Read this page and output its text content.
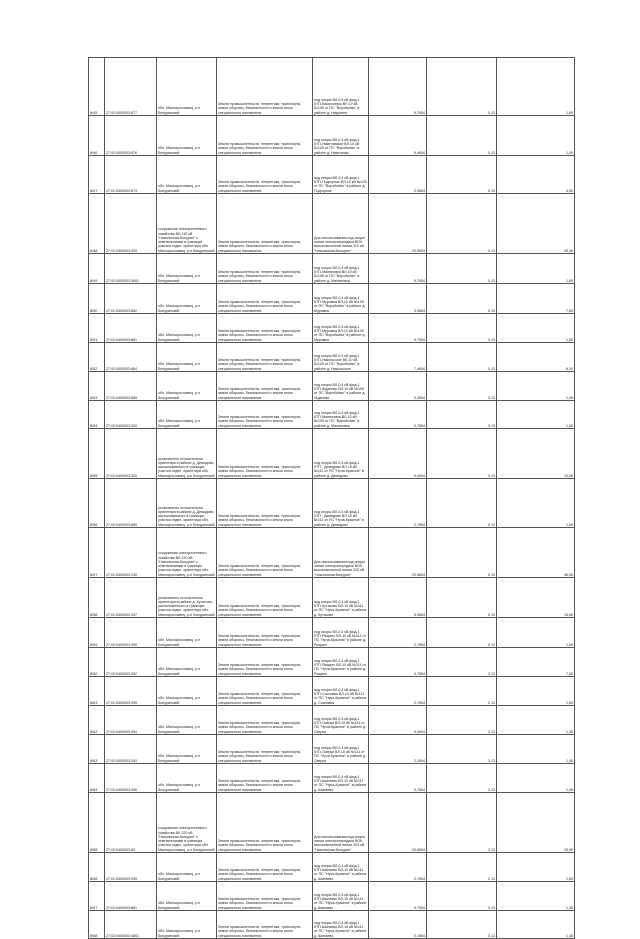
8/45	27:02:0405003:877	обл. Малоярославец, р-н Бичуринский	Земли промышленности, энергетики, транспорта, земли обороны, безопасности и земли иного специального назначения	под опоры ВЛ-0,4 кВ фид.1 КТП-Васильевка ВЛ-10 кВ №105 от ПС "Воробьёво" в районе д. Никулино	0,7654	0,13	1,65
8/46	27:02:0405003:876	обл. Малоярославец, р-н Бичуринский	Земли промышленности, энергетики, транспорта, земли обороны, безопасности и земли иного специального назначения	под опоры ВЛ-0,4 кВ фид.1 КТП-Никитовская ВЛ-10 кВ №105 от ПС "Воробьёво" в районе д. Никитинка	0,4654	0,13	1,05
8/47	27:02:0405003:874	обл. Малоярославец, р-н Бичуринский	Земли промышленности, энергетики, транспорта, земли обороны, безопасности и земли иного специального назначения	под опоры ВЛ-0,4 кВ фид.1 КТП-Подгорное ВЛ-10 кВ №105 от ПС "Воробьёво" в районе д. Подгорное	2,0654	0,13	4,50
8/48	27:02:0405003:320	сооружение электросетевого хозяйства ВЛ-110 кВ "Никольская-Бичурин" с ответвлениями в границах участка отдел. ориентира обл. Малоярославец, р-н Бичуринский	Земли промышленности, энергетики, транспорта, земли обороны, безопасности и земли иного специального назначения	Для использования под опоры линии электропередачи ВОК высоковольтной линии 110 кВ "Никольская-Бичурин"	20,0654	0,13	45,36
8/49	27:02:0405003:3651	обл. Малоярославец, р-н Бичуринский	Земли промышленности, энергетики, транспорта, земли обороны, безопасности и земли иного специального назначения	под опоры ВЛ-0,4 кВ фид.1 КТП-Малиновка ВЛ-10 кВ №105 от ПС "Воробьёво" в районе д. Малиновка	0,7654	0,13	1,65
8/50	27:02:0405003:862	обл. Малоярославец, р-н Бичуринский	Земли промышленности, энергетики, транспорта, земли обороны, безопасности и земли иного специального назначения	под опоры ВЛ-0,4 кВ фид.1 КТП-Муромка ВЛ-10 кВ №105 от ПС "Воробьёво" в районе д. Муромка	3,0654	0,13	7,65
8/51	27:02:0405003:861	обл. Малоярославец, р-н Бичуринский	Земли промышленности, энергетики, транспорта, земли обороны, безопасности и земли иного специального назначения	под опоры ВЛ-0,4 кВ фид.1 КТП-Муромка ВЛ-10 кВ №105 от ПС "Воробьёво" в районе д. Муромка	0,7654	0,13	1,65
8/52	27:02:0405003:864	обл. Малоярославец, р-н Бичуринский	Земли промышленности, энергетики, транспорта, земли обороны, безопасности и земли иного специального назначения	под опоры ВЛ-0,4 кВ фид.1 КТП-Никольское ВЛ-10 кВ №105 от ПС "Воробьёво" в районе д. Никольское	7,4654	0,13	6,34
8/53	27:02:0405003:865	обл. Малоярославец, р-н Бичуринский	Земли промышленности, энергетики, транспорта, земли обороны, безопасности и земли иного специального назначения	под опоры ВЛ-0,4 кВ фид.1 КТП-Жданово ВЛ-10 кВ №105 от ПС "Воробьёво" в районе д. Жданово	0,4654	0,13	1,45
8/54	27:02:0405003:300	обл. Малоярославец, р-н Бичуринский	Земли промышленности, энергетики, транспорта, земли обороны, безопасности и земли иного специального назначения	под опоры ВЛ-0,4 кВ фид.1 КТП-Малиновка ВЛ-10 кВ №105 от ПС "Воробьёво" в районе д. Малиновка	0,7654	0,13	1,65
8/55	27:02:0405003:300	установлено относительно ориентира в районе д. Демидово, расположенного в границах участка отдел. ориентира обл. Малоярославец, р-н Бичуринский	Земли промышленности, энергетики, транспорта, земли обороны, безопасности и земли иного специального назначения	под опоры ВЛ-0,4 кВ фид.1 КТП - Демидово ВЛ-10 кВ №111 от ПС "Нуча-Красное" в районе д. Демидово	5,0654	0,13	13,26
8/56	27:02:0405003:889	установлено относительно ориентира в районе д. Демидово, расположенного в границах участка отдел. ориентира обл. Малоярославец, р-н Бичуринский	Земли промышленности, энергетики, транспорта, земли обороны, безопасности и земли иного специального назначения	под опоры ВЛ-0,4 кВ фид.1 КТП - Демидово ВЛ-10 кВ №111 от ПС "Нуча-Красное" в районе д. Демидово	0,7654	0,13	1,65
8/57	27:02:0405003:140	сооружение электросетевого хозяйства ВЛ-220 кВ "Никольская-Бичурин" с ответвлениями в границах участка отдел. ориентира обл. Малоярославец, р-н Бичуринский	Земли промышленности, энергетики, транспорта, земли обороны, безопасности и земли иного специального назначения	Для использования под опоры линии электропередачи ВОК высоковольтной линии 220 кВ "Никольская-Бичурин"	20,6654	0,13	46,06
8/58	27:02:0405003:397	установлено относительно ориентира в районе д. Кутасово, расположенного в границах участка отдел. ориентира обл. Малоярославец, р-н Бичуринский	Земли промышленности, энергетики, транспорта, земли обороны, безопасности и земли иного специального назначения	под опоры ВЛ-0,4 кВ фид.1 КТП-Кутасово ВЛ-10 кВ №111 от ПС "Нуча-Красное" в районе д. Кутасово	5,0654	0,13	15,66
8/59	27:02:0405003:390	обл. Малоярославец, р-н Бичуринский	Земли промышленности, энергетики, транспорта, земли обороны, безопасности и земли иного специального назначения	под опоры ВЛ-0,4 кВ фид.1 КТП-Рощино ВЛ-10 кВ №111 от ПС "Нуча-Красное" в районе д. Рощино	0,7654	0,13	1,65
8/60	27:02:0405003:392	обл. Малоярославец, р-н Бичуринский	Земли промышленности, энергетики, транспорта, земли обороны, безопасности и земли иного специального назначения	под опоры ВЛ-0,4 кВ фид.1 КТП-Рощино ВЛ-10 кВ №111 от ПС "Нуча-Красное" в районе д. Рощино	3,7654	2,13	7,65
8/61	27:02:0405003:395	обл. Малоярославец, р-н Бичуринский	Земли промышленности, энергетики, транспорта, земли обороны, безопасности и земли иного специального назначения	под опоры ВЛ-0,4 кВ фид.1 КТП-Сосновка ВЛ-10 кВ №111 от ПС "Нуча-Красное" в районе д. Сосновка	0,7654	2,13	1,65
8/62	27:02:0405003:394	обл. Малоярославец, р-н Бичуринский	Земли промышленности, энергетики, транспорta, земли обороны, безопасности и земли иного специального назначения	под опоры ВЛ-0,4 кВ фид.1 КТП-Озерки ВЛ-10 кВ №111 от ПС "Нуча-Красное" в районе д. Озерки	0,4654	2,13	1,45
8/63	27:02:0405003:393	обл. Малоярославец, р-н Бичуринский	Земли промышленности, энергетики, транспорта, земли обороны, безопасности и земли иного специального назначения	под опоры ВЛ-0,4 кВ фид.1 КТП-Озерки ВЛ-10 кВ №111 от ПС "Нуча-Красное" в районе д. Озерки	2,1654	2,13	1,45
8/64	27:02:0405003:396	обл. Малоярославец, р-н Бичуринский	Земли промышленности, энергетики, транспорта, земли обороны, безопасности и земли иного специального назначения	под опоры ВЛ-0,4 кВ фид.1 КТП-Шипаево ВЛ-10 кВ №111 от ПС "Нуча-Красное" в районе д. Шипаево	0,7654	2,13	1,45
8/65	27:02:0405003:83	сооружение электросетевого хозяйства ВЛ-220 кВ "Никольская-Бичурин" с ответвлениями в границах участка отдел. ориентира обл. Малоярославец, р-н Бичуринский	Земли промышленности, энергетики, транспорта, земли обороны, безопасности и земли иного специального назначения	Для использования под опоры линии электропередачи ВОК высоковольтной линии 220 кВ "Никольская-Бичурин"	20,6654	2,13	45,99
8/66	27:02:0405003:935	обл. Малоярославец, р-н Бичуринский	Земли промышленности, энергетики, транспорта, земли обороны, безопасности и земли иного специального назначения	под опоры ВЛ-0,4 кВ фид.1 КТП-Шипаево ВЛ-10 кВ №111 от ПС "Нуча-Красное" в районе д. Шипаево	0,7654	2,13	1,65
8/67	27:02:0405003:861	обл. Малоярославец, р-н Бичуринский	Земли промышленности, энергетики, транспорта, земли обороны, безопасности и земли иного специального назначения	под опоры ВЛ-0,4 кВ фид.1 КТП-Шипаево ВЛ-10 кВ №111 от ПС "Нуча-Красное" в районе д. Шипаево	0,7654	0,13	1,45
8/68	27:02:0405003:4802	обл. Малоярославец, р-н Бичуринский	Земли промышленности, энергетики, транспорта, земли обороны, безопасности и земли иного специального назначения	под опоры ВЛ-0,4 кВ фид.1 КТП-Шипаево ВЛ-10 кВ №111 от ПС "Нуча-Красное" в районе д. Шипаево	0,1654	0,13	1,45
